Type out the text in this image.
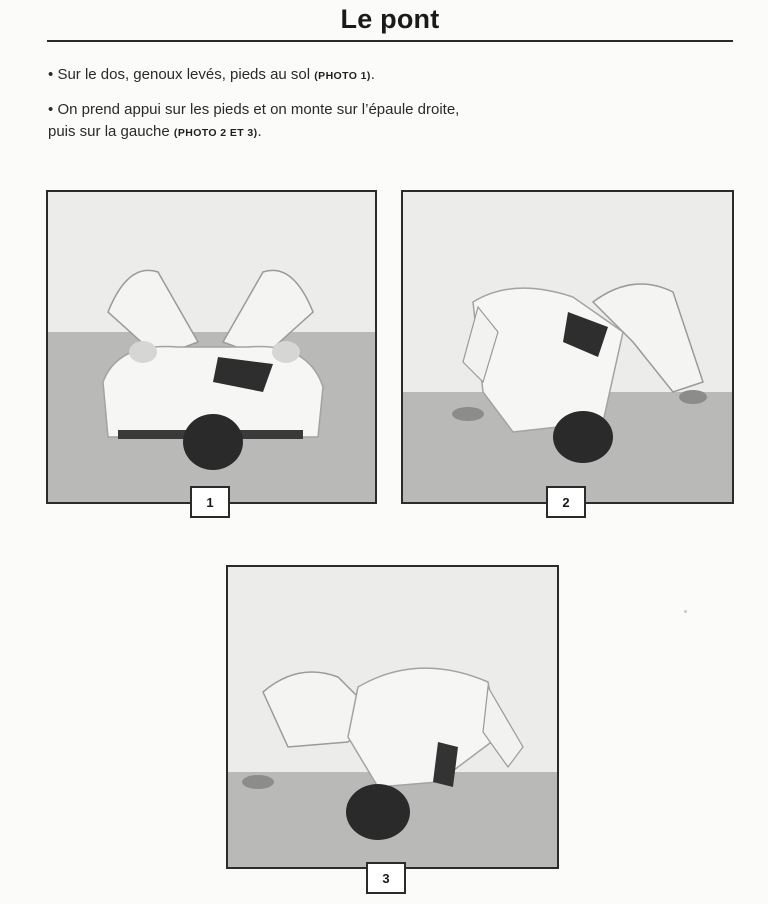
Le pont
• Sur le dos, genoux levés, pieds au sol (PHOTO 1).
• On prend appui sur les pieds et on monte sur l’épaule droite,
puis sur la gauche (PHOTO 2 ET 3).
1	2
3
